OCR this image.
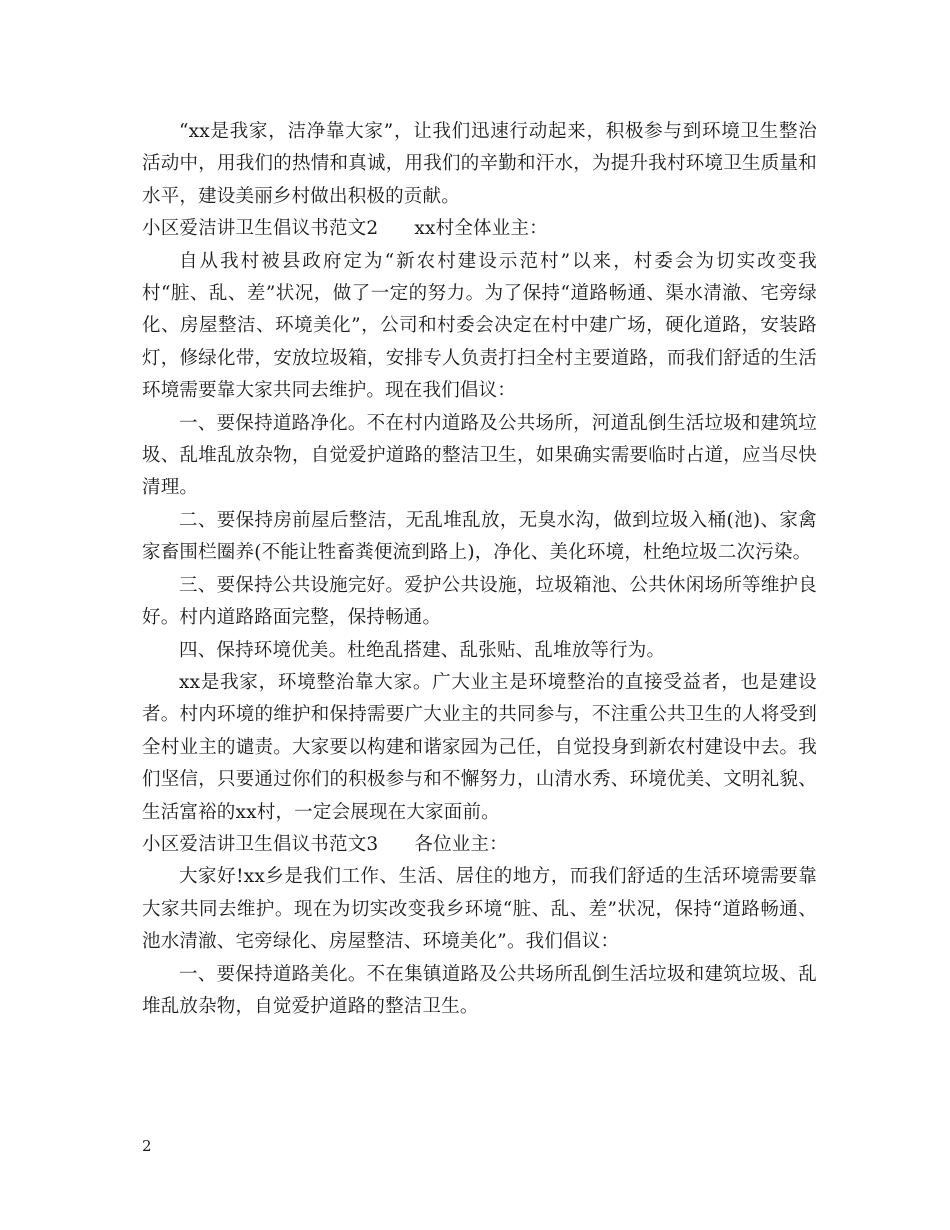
“xx是我家，洁净靠大家”，让我们迅速行动起来，积极参与到环境卫生整治活动中，用我们的热情和真诚，用我们的辛勤和汗水，为提升我村环境卫生质量和水平，建设美丽乡村做出积极的贡献。

小区爱洁讲卫生倡议书范文2 xx村全体业主：

自从我村被县政府定为“新农村建设示范村”以来，村委会为切实改变我村“脏、乱、差”状况，做了一定的努力。为了保持“道路畅通、渠水清澈、宅旁绿化、房屋整洁、环境美化”，公司和村委会决定在村中建广场，硬化道路，安装路灯，修绿化带，安放垃圾箱，安排专人负责打扫全村主要道路，而我们舒适的生活环境需要靠大家共同去维护。现在我们倡议：

一、要保持道路净化。不在村内道路及公共场所，河道乱倒生活垃圾和建筑垃圾、乱堆乱放杂物，自觉爱护道路的整洁卫生，如果确实需要临时占道，应当尽快清理。

二、要保持房前屋后整洁，无乱堆乱放，无臭水沟，做到垃圾入桶(池)、家禽家畜围栏圈养(不能让牲畜粪便流到路上)，净化、美化环境，杜绝垃圾二次污染。

三、要保持公共设施完好。爱护公共设施，垃圾箱池、公共休闲场所等维护良好。村内道路路面完整，保持畅通。

四、保持环境优美。杜绝乱搭建、乱张贴、乱堆放等行为。

xx是我家，环境整治靠大家。广大业主是环境整治的直接受益者，也是建设者。村内环境的维护和保持需要广大业主的共同参与，不注重公共卫生的人将受到全村业主的谴责。大家要以构建和谐家园为己任，自觉投身到新农村建设中去。我们坚信，只要通过你们的积极参与和不懈努力，山清水秀、环境优美、文明礼貌、生活富裕的xx村，一定会展现在大家面前。

小区爱洁讲卫生倡议书范文3 各位业主：

大家好!xx乡是我们工作、生活、居住的地方，而我们舒适的生活环境需要靠大家共同去维护。现在为切实改变我乡环境“脏、乱、差”状况，保持“道路畅通、池水清澈、宅旁绿化、房屋整洁、环境美化”。我们倡议：

一、要保持道路美化。不在集镇道路及公共场所乱倒生活垃圾和建筑垃圾、乱堆乱放杂物，自觉爱护道路的整洁卫生。

2
